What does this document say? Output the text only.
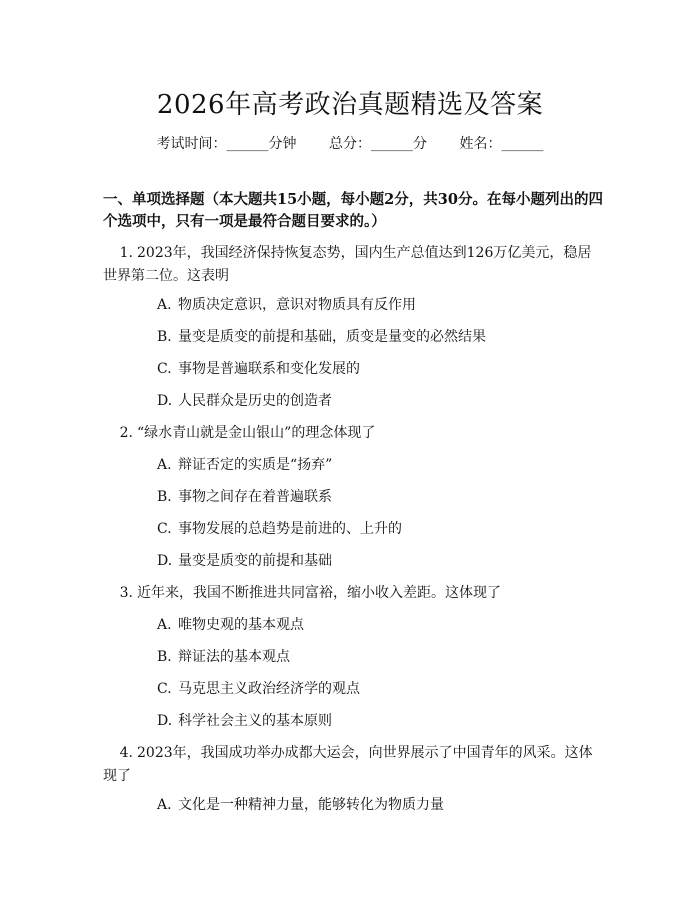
2026年高考政治真题精选及答案
考试时间：______分钟 总分：______分 姓名：______
一、单项选择题（本大题共15小题，每小题2分，共30分。在每小题列出的四个选项中，只有一项是最符合题目要求的。）
1. 2023年，我国经济保持恢复态势，国内生产总值达到126万亿美元，稳居世界第二位。这表明
A. 物质决定意识，意识对物质具有反作用
B. 量变是质变的前提和基础，质变是量变的必然结果
C. 事物是普遍联系和变化发展的
D. 人民群众是历史的创造者
2. “绿水青山就是金山银山”的理念体现了
A. 辩证否定的实质是“扬弃”
B. 事物之间存在着普遍联系
C. 事物发展的总趋势是前进的、上升的
D. 量变是质变的前提和基础
3. 近年来，我国不断推进共同富裕，缩小收入差距。这体现了
A. 唯物史观的基本观点
B. 辩证法的基本观点
C. 马克思主义政治经济学的观点
D. 科学社会主义的基本原则
4. 2023年，我国成功举办成都大运会，向世界展示了中国青年的风采。这体现了
A. 文化是一种精神力量，能够转化为物质力量
